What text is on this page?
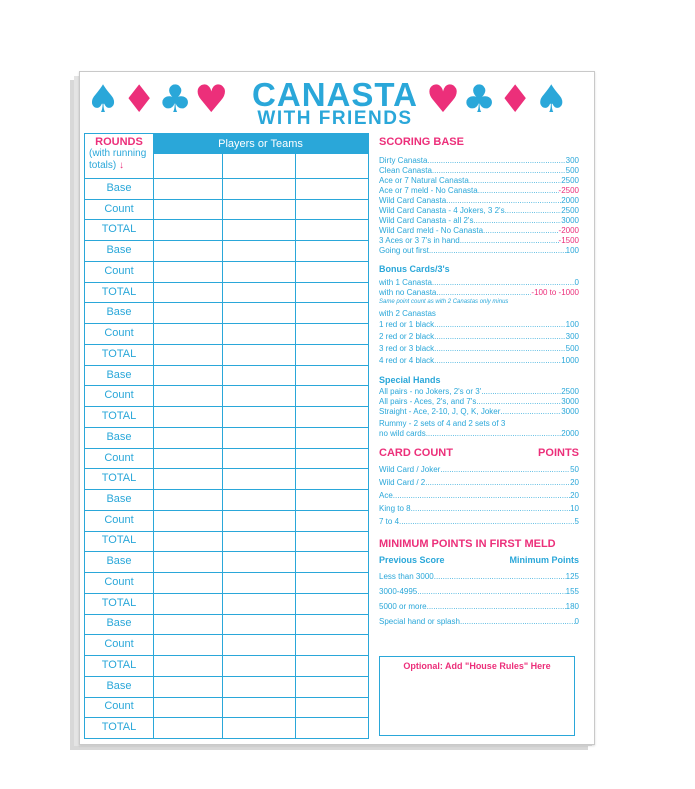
♠ ♦ ♣ ♥ CANASTA
WITH FRIENDS ♥ ♣ ♦ ♠
ROUNDS
(with running
totals) ↓
Players or Teams
Base
Count
TOTAL
Base
Count
TOTAL
Base
Count
TOTAL
Base
Count
TOTAL
Base
Count
TOTAL
Base
Count
TOTAL
Base
Count
TOTAL
Base
Count
TOTAL
Base
Count
TOTAL
SCORING BASE
Dirty Canasta .....	300
Clean Canasta .....	500
Ace or 7 Natural Canasta .....	2500
Ace or 7 meld - No Canasta .....	-2500
Wild Card Canasta .....	2000
Wild Card Canasta - 4 Jokers, 3 2's .....	2500
Wild Card Canasta - all 2's .....	3000
Wild Card meld - No Canasta .....	-2000
3 Aces or 3 7's in hand .....	-1500
Going out first .....	100
Bonus Cards/3's
with 1 Canasta .....	0
with no Canasta .....	-100 to -1000
Same point count as with 2 Canastas only minus
with 2 Canastas
1 red or 1 black .....	100
2 red or 2 black .....	300
3 red or 3 black .....	500
4 red or 4 black .....	1000
Special Hands
All pairs - no Jokers, 2's or 3' .....	2500
All pairs - Aces, 2's, and 7's .....	3000
Straight - Ace, 2-10, J, Q, K, Joker .....	3000
Rummy - 2 sets of 4 and 2 sets of 3
no wild cards .....	2000
CARD COUNT	POINTS
Wild Card / Joker .....	50
Wild Card / 2 .....	20
Ace .....	20
King to 8 .....	10
7 to 4 .....	5
MINIMUM POINTS IN FIRST MELD
Previous Score	Minimum Points
Less than 3000 .....	125
3000-4995 .....	155
5000 or more .....	180
Special hand or splash .....	0
Optional: Add "House Rules" Here
